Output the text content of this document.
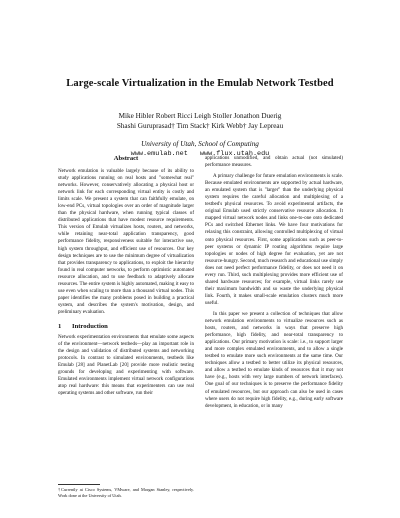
Large-scale Virtualization in the Emulab Network Testbed
Mike Hibler Robert Ricci Leigh Stoller Jonathon Duerig
Shashi Guruprasad† Tim Stack† Kirk Webb† Jay Lepreau
University of Utah, School of Computing
www.emulab.net www.flux.utah.edu
Abstract

Network emulation is valuable largely because of its ability to study applications running on real hosts and "somewhat real" networks. However, conservatively allocating a physical host or network link for each corresponding virtual entity is costly and limits scale. We present a system that can faithfully emulate, on low-end PCs, virtual topologies over an order of magnitude larger than the physical hardware, when running typical classes of distributed applications that have modest resource requirements. This version of Emulab virtualizes hosts, routers, and networks, while retaining near-total application transparency, good performance fidelity, responsiveness suitable for interactive use, high system throughput, and efficient use of resources. Our key design techniques are to use the minimum degree of virtualization that provides transparency to applications, to exploit the hierarchy found in real computer networks, to perform optimistic automated resource allocation, and to use feedback to adaptively allocate resources. The entire system is highly automated, making it easy to use even when scaling to more than a thousand virtual nodes. This paper identifies the many problems posed in building a practical system, and describes the system's motivation, design, and preliminary evaluation.

1 Introduction

Network experimentation environments that emulate some aspects of the environment—network testbeds—play an important role in the design and validation of distributed systems and networking protocols. In contrast to simulated environments, testbeds like Emulab [28] and PlanetLab [20] provide more realistic testing grounds for developing and experimenting with software. Emulated environments implement virtual network configurations atop real hardware: this means that experimenters can use real operating systems and other software, run their

applications unmodified, and obtain actual (not simulated) performance measures.

A primary challenge for future emulation environments is scale. Because emulated environments are supported by actual hardware, an emulated system that is "larger" than the underlying physical system requires the careful allocation and multiplexing of a testbed's physical resources. To avoid experimental artifacts, the original Emulab used strictly conservative resource allocation. It mapped virtual network nodes and links one-to-one onto dedicated PCs and switched Ethernet links. We have four motivations for relaxing this constraint, allowing controlled multiplexing of virtual onto physical resources. First, some applications such as peer-to-peer systems or dynamic IP routing algorithms require large topologies or nodes of high degree for evaluation, yet are not resource-hungry. Second, much research and educational use simply does not need perfect performance fidelity, or does not need it on every run. Third, such multiplexing provides more efficient use of shared hardware resources; for example, virtual links rarely use their maximum bandwidth and so waste the underlying physical link. Fourth, it makes small-scale emulation clusters much more useful.

In this paper we present a collection of techniques that allow network emulation environments to virtualize resources such as hosts, routers, and networks in ways that preserve high performance, high fidelity, and near-total transparency to applications. Our primary motivation is scale: i.e., to support larger and more complex emulated environments, and to allow a single testbed to emulate more such environments at the same time. Our techniques allow a testbed to better utilize its physical resources, and allow a testbed to emulate kinds of resources that it may not have (e.g., hosts with very large numbers of network interfaces). One goal of our techniques is to preserve the performance fidelity of emulated resources, but our approach can also be used in cases where users do not require high fidelity, e.g., during early software development, in education, or in many

†Currently at Cisco Systems, VMware, and Morgan Stanley, respectively. Work done at the University of Utah.
